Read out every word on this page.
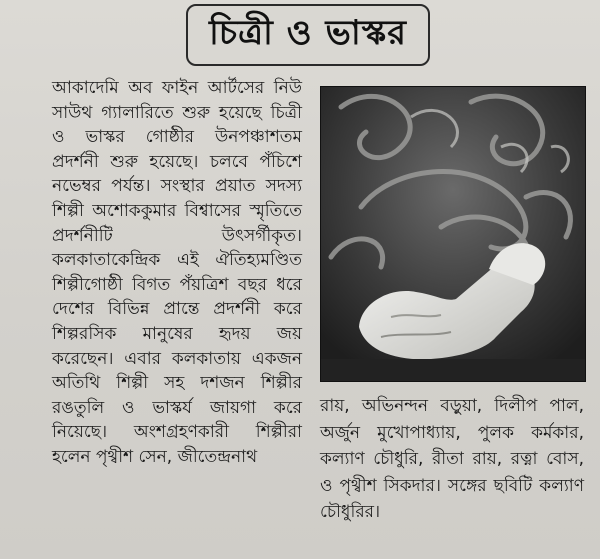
চিত্রী ও ভাস্কর

আকাদেমি অব ফাইন আর্টসের নিউ সাউথ গ্যালারিতে শুরু হয়েছে চিত্রী ও ভাস্কর গোষ্ঠীর উনপঞ্চাশতম প্রদর্শনী শুরু হয়েছে। চলবে পঁচিশে নভেম্বর পর্যন্ত। সংস্থার প্রয়াত সদস্য শিল্পী অশোককুমার বিশ্বাসের স্মৃতিতে প্রদর্শনীটি উৎসর্গীকৃত। কলকাতাকেন্দ্রিক এই ঐতিহ্যমণ্ডিত শিল্পীগোষ্ঠী বিগত পঁয়ত্রিশ বছর ধরে দেশের বিভিন্ন প্রান্তে প্রদর্শনী করে শিল্পরসিক মানুষের হৃদয় জয় করেছেন। এবার কলকাতায় একজন অতিথি শিল্পী সহ দশজন শিল্পীর রঙতুলি ও ভাস্কর্য জায়গা করে নিয়েছে। অংশগ্রহণকারী শিল্পীরা হলেন পৃথ্বীশ সেন, জীতেন্দ্রনাথ

রায়, অভিনন্দন বড়ুয়া, দিলীপ পাল, অর্জুন মুখোপাধ্যায়, পুলক কর্মকার, কল্যাণ চৌধুরি, রীতা রায়, রত্না বোস, ও পৃথ্বীশ সিকদার। সঙ্গের ছবিটি কল্যাণ চৌধুরির।
